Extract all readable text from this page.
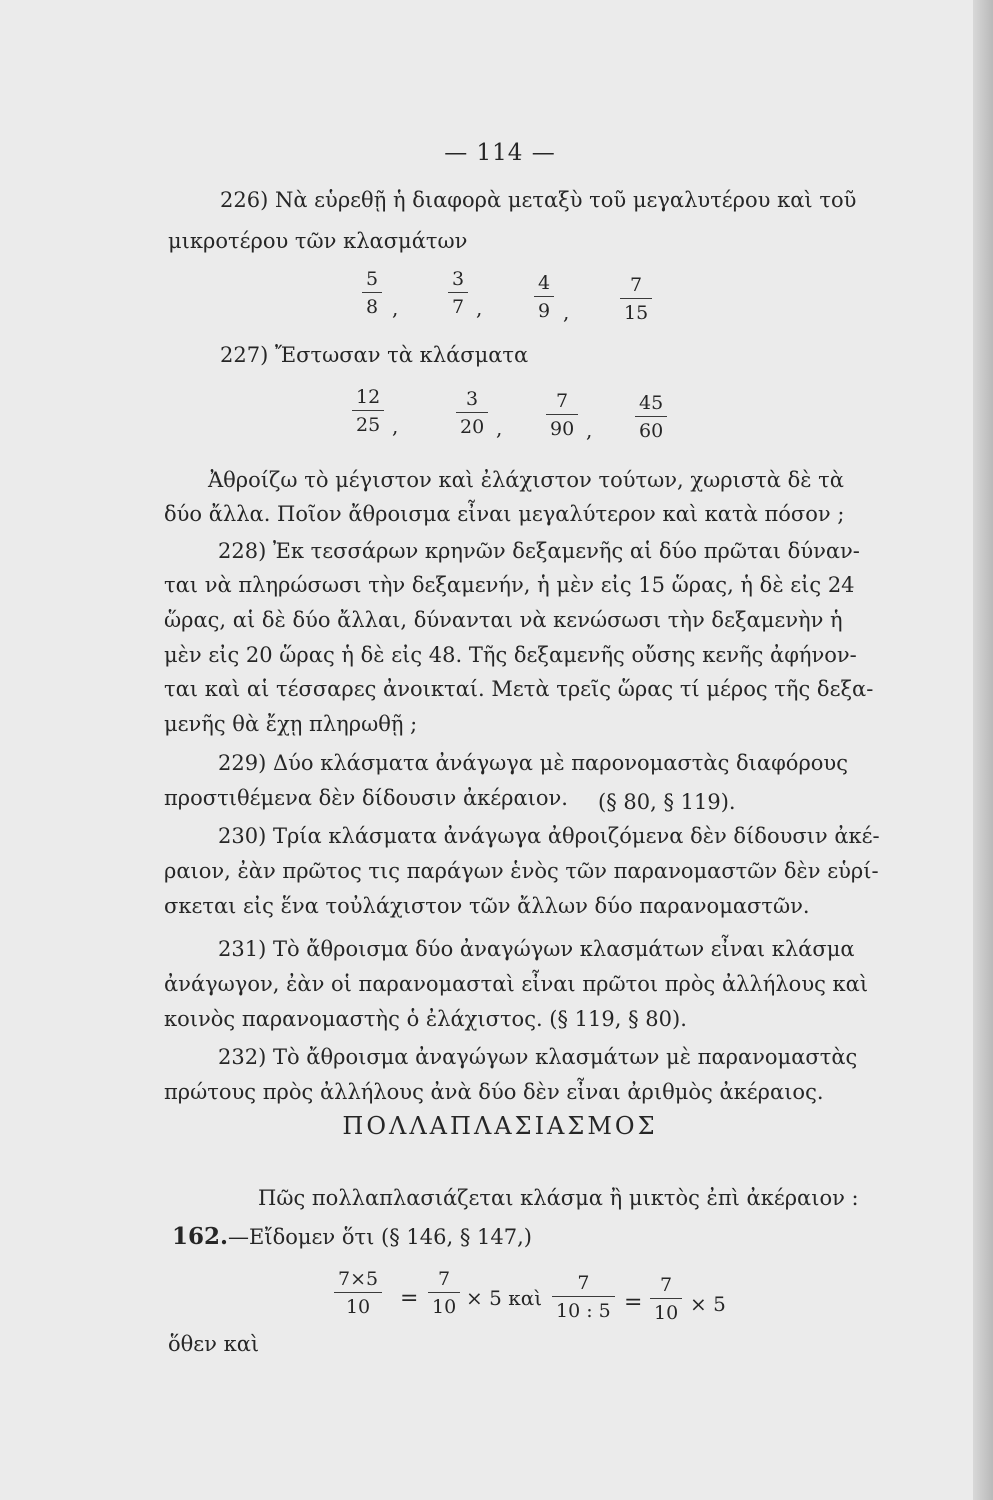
— 114 —
226) Νὰ εὑρεθῇ ἡ διαφορὰ μεταξὺ τοῦ μεγαλυτέρου καὶ τοῦ
μικροτέρου τῶν κλασμάτων
5
8 ,
3
7 ,
4
9 ,
7
15
227) Ἔστωσαν τὰ κλάσματα
12
25 ,
3
20 ,
7
90 ,
45
60
Ἀθροίζω τὸ μέγιστον καὶ ἐλάχιστον τούτων, χωριστὰ δὲ τὰ
δύο ἄλλα. Ποῖον ἄθροισμα εἶναι μεγαλύτερον καὶ κατὰ πόσον ;
228) Ἐκ τεσσάρων κρηνῶν δεξαμενῆς αἱ δύο πρῶται δύναν-
ται νὰ πληρώσωσι τὴν δεξαμενήν, ἡ μὲν εἰς 15 ὥρας, ἡ δὲ εἰς 24
ὥρας, αἱ δὲ δύο ἄλλαι, δύνανται νὰ κενώσωσι τὴν δεξαμενὴν ἡ
μὲν εἰς 20 ὥρας ἡ δὲ εἰς 48. Τῆς δεξαμενῆς οὔσης κενῆς ἀφήνον-
ται καὶ αἱ τέσσαρες ἀνοικταί. Μετὰ τρεῖς ὥρας τί μέρος τῆς δεξα-
μενῆς θὰ ἔχῃ πληρωθῇ ;
229) Δύο κλάσματα ἀνάγωγα μὲ παρονομαστὰς διαφόρους
προστιθέμενα δὲν δίδουσιν ἀκέραιον. (§ 80, § 119).
230) Τρία κλάσματα ἀνάγωγα ἀθροιζόμενα δὲν δίδουσιν ἀκέ-
ραιον, ἐὰν πρῶτος τις παράγων ἑνὸς τῶν παρανομαστῶν δὲν εὑρί-
σκεται εἰς ἕνα τοὐλάχιστον τῶν ἄλλων δύο παρανομαστῶν.
231) Τὸ ἄθροισμα δύο ἀναγώγων κλασμάτων εἶναι κλάσμα
ἀνάγωγον, ἐὰν οἱ παρανομασταὶ εἶναι πρῶτοι πρὸς ἀλλήλους καὶ
κοινὸς παρανομαστὴς ὁ ἐλάχιστος. (§ 119, § 80).
232) Τὸ ἄθροισμα ἀναγώγων κλασμάτων μὲ παρανομαστὰς
πρώτους πρὸς ἀλλήλους ἀνὰ δύο δὲν εἶναι ἀριθμὸς ἀκέραιος.
ΠΟΛΛΑΠΛΑΣΙΑΣΜΟΣ
Πῶς πολλαπλασιάζεται κλάσμα ἢ μικτὸς ἐπὶ ἀκέραιον :
162.—Εἴδομεν ὅτι (§ 146, § 147,)
7×5
10 =
7
10 × 5 καὶ
7
10 : 5 =
7
10 × 5
ὅθεν καὶ
